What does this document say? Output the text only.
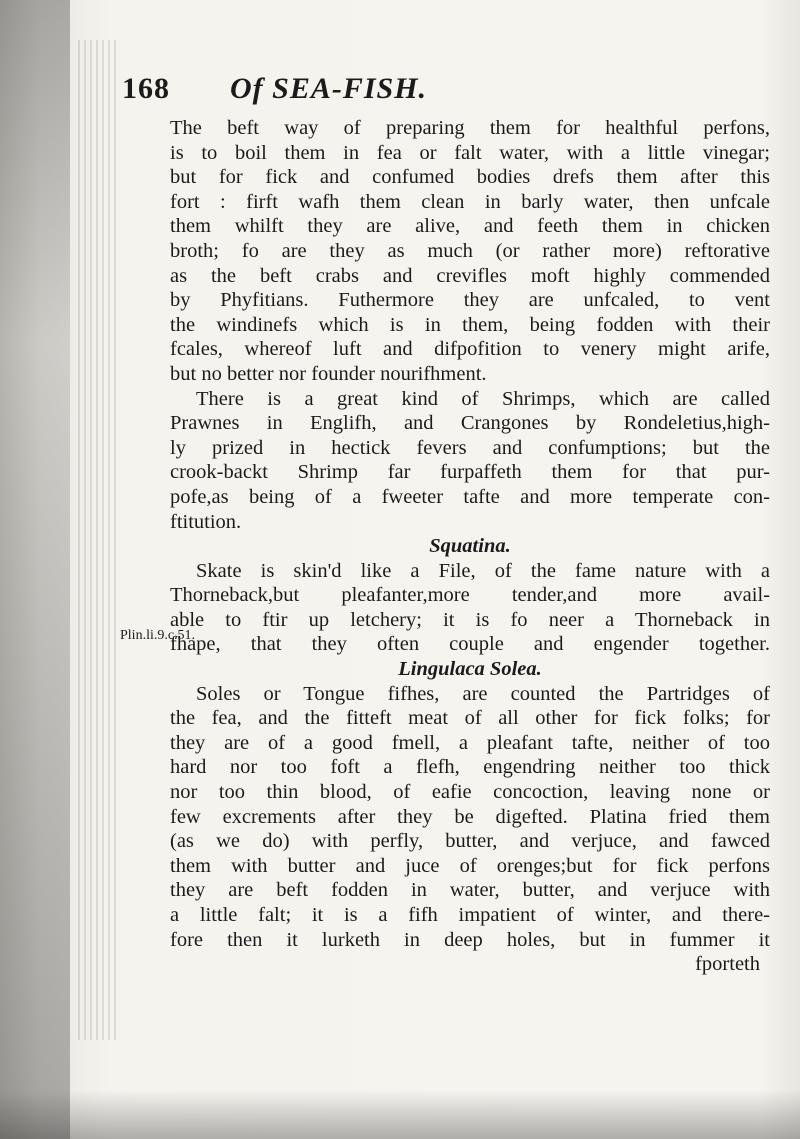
168 Of SEA-FISH.
Plin.li.9.c.51.
The beft way of preparing them for healthful perfons,
is to boil them in fea or falt water, with a little vinegar;
but for fick and confumed bodies drefs them after this
fort : firft wafh them clean in barly water, then unfcale
them whilft they are alive, and feeth them in chicken
broth; fo are they as much (or rather more) reftorative
as the beft crabs and crevifles moft highly commended
by Phyfitians. Futhermore they are unfcaled, to vent
the windinefs which is in them, being fodden with their
fcales, whereof luft and difpofition to venery might arife,
but no better nor founder nourifhment.
There is a great kind of Shrimps, which are called
Prawnes in Englifh, and Crangones by Rondeletius,high-
ly prized in hectick fevers and confumptions; but the
crook-backt Shrimp far furpaffeth them for that pur-
pofe,as being of a fweeter tafte and more temperate con-
ftitution.
Squatina.
Skate is skin'd like a File, of the fame nature with a
Thorneback,but pleafanter,more tender,and more avail-
able to ftir up letchery; it is fo neer a Thorneback in
fhape, that they often couple and engender together.
Lingulaca Solea.
Soles or Tongue fifhes, are counted the Partridges of
the fea, and the fitteft meat of all other for fick folks; for
they are of a good fmell, a pleafant tafte, neither of too
hard nor too foft a flefh, engendring neither too thick
nor too thin blood, of eafie concoction, leaving none or
few excrements after they be digefted. Platina fried them
(as we do) with perfly, butter, and verjuce, and fawced
them with butter and juce of orenges;but for fick perfons
they are beft fodden in water, butter, and verjuce with
a little falt; it is a fifh impatient of winter, and there-
fore then it lurketh in deep holes, but in fummer it
fporteth
